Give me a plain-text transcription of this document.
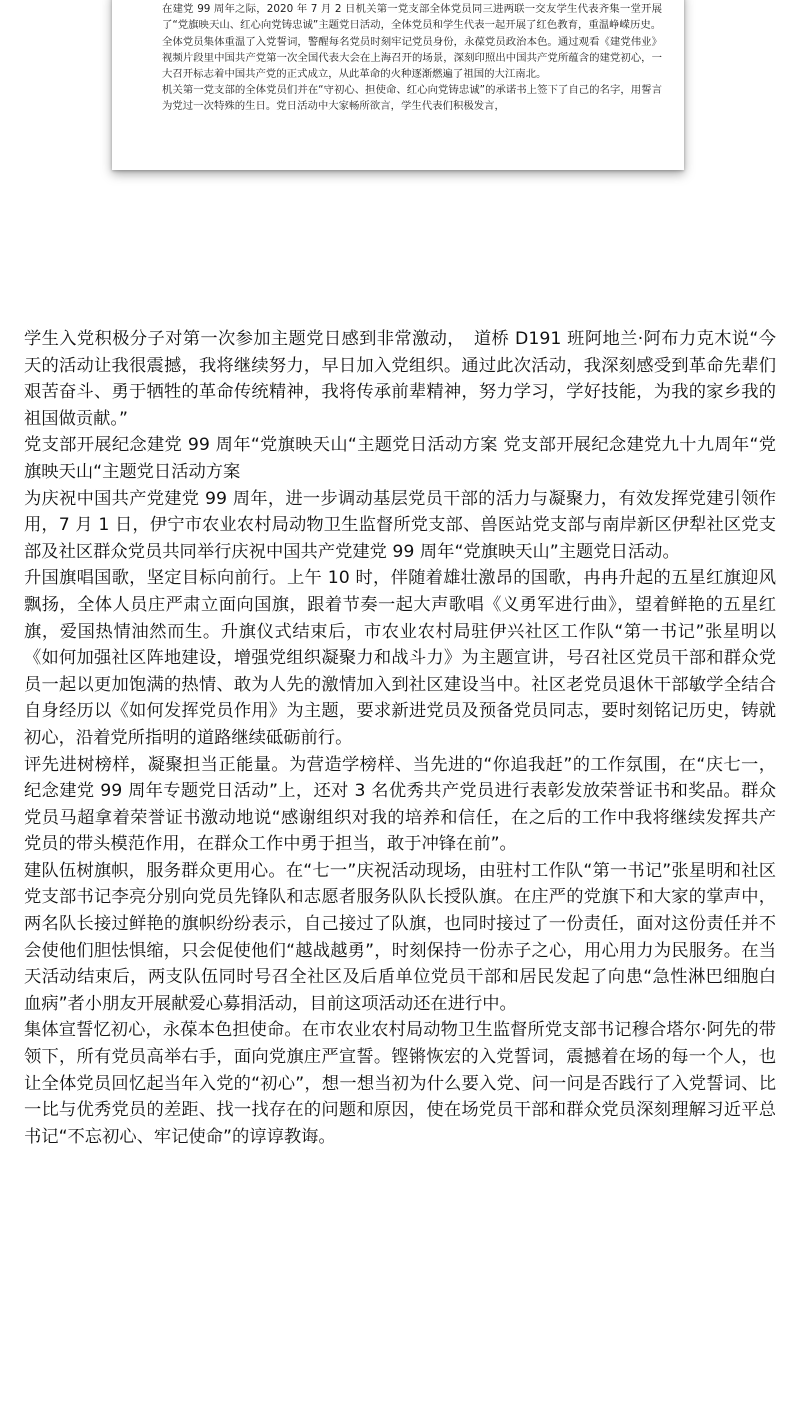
在建党 99 周年之际，2020 年 7 月 2 日机关第一党支部全体党员同三进两联一交友学生代表齐集一堂开展了“党旗映天山、红心向党铸忠诚”主题党日活动，全体党员和学生代表一起开展了红色教育，重温峥嵘历史。

全体党员集体重温了入党誓词，警醒每名党员时刻牢记党员身份，永葆党员政治本色。通过观看《建党伟业》视频片段里中国共产党第一次全国代表大会在上海召开的场景，深刻印照出中国共产党所蕴含的建党初心，一大召开标志着中国共产党的正式成立，从此革命的火种逐渐燃遍了祖国的大江南北。

机关第一党支部的全体党员们并在“守初心、担使命、红心向党铸忠诚”的承诺书上签下了自己的名字，用誓言为党过一次特殊的生日。党日活动中大家畅所欲言，学生代表们积极发言，

学生入党积极分子对第一次参加主题党日感到非常激动，　道桥 D191 班阿地兰·阿布力克木说“今天的活动让我很震撼，我将继续努力，早日加入党组织。通过此次活动，我深刻感受到革命先辈们艰苦奋斗、勇于牺牲的革命传统精神，我将传承前辈精神，努力学习，学好技能，为我的家乡我的祖国做贡献。”

党支部开展纪念建党 99 周年“党旗映天山“主题党日活动方案 党支部开展纪念建党九十九周年“党旗映天山“主题党日活动方案

为庆祝中国共产党建党 99 周年，进一步调动基层党员干部的活力与凝聚力，有效发挥党建引领作用，7 月 1 日，伊宁市农业农村局动物卫生监督所党支部、兽医站党支部与南岸新区伊犁社区党支部及社区群众党员共同举行庆祝中国共产党建党 99 周年“党旗映天山”主题党日活动。

升国旗唱国歌，坚定目标向前行。上午 10 时，伴随着雄壮激昂的国歌，冉冉升起的五星红旗迎风飘扬，全体人员庄严肃立面向国旗，跟着节奏一起大声歌唱《义勇军进行曲》，望着鲜艳的五星红旗，爱国热情油然而生。升旗仪式结束后，市农业农村局驻伊兴社区工作队“第一书记”张星明以《如何加强社区阵地建设，增强党组织凝聚力和战斗力》为主题宣讲，号召社区党员干部和群众党员一起以更加饱满的热情、敢为人先的激情加入到社区建设当中。社区老党员退休干部敏学全结合自身经历以《如何发挥党员作用》为主题，要求新进党员及预备党员同志，要时刻铭记历史，铸就初心，沿着党所指明的道路继续砥砺前行。

评先进树榜样，凝聚担当正能量。为营造学榜样、当先进的“你追我赶”的工作氛围，在“庆七一，纪念建党 99 周年专题党日活动”上，还对 3 名优秀共产党员进行表彰发放荣誉证书和奖品。群众党员马超拿着荣誉证书激动地说“感谢组织对我的培养和信任，在之后的工作中我将继续发挥共产党员的带头模范作用，在群众工作中勇于担当，敢于冲锋在前”。

建队伍树旗帜，服务群众更用心。在“七一”庆祝活动现场，由驻村工作队“第一书记”张星明和社区党支部书记李亮分别向党员先锋队和志愿者服务队队长授队旗。在庄严的党旗下和大家的掌声中，两名队长接过鲜艳的旗帜纷纷表示，自己接过了队旗，也同时接过了一份责任，面对这份责任并不会使他们胆怯惧缩，只会促使他们“越战越勇”，时刻保持一份赤子之心，用心用力为民服务。在当天活动结束后，两支队伍同时号召全社区及后盾单位党员干部和居民发起了向患“急性淋巴细胞白血病”者小朋友开展献爱心募捐活动，目前这项活动还在进行中。

集体宣誓忆初心，永葆本色担使命。在市农业农村局动物卫生监督所党支部书记穆合塔尔·阿先的带领下，所有党员高举右手，面向党旗庄严宣誓。铿锵恢宏的入党誓词，震撼着在场的每一个人，也让全体党员回忆起当年入党的“初心”，想一想当初为什么要入党、问一问是否践行了入党誓词、比一比与优秀党员的差距、找一找存在的问题和原因，使在场党员干部和群众党员深刻理解习近平总书记“不忘初心、牢记使命”的谆谆教诲。
